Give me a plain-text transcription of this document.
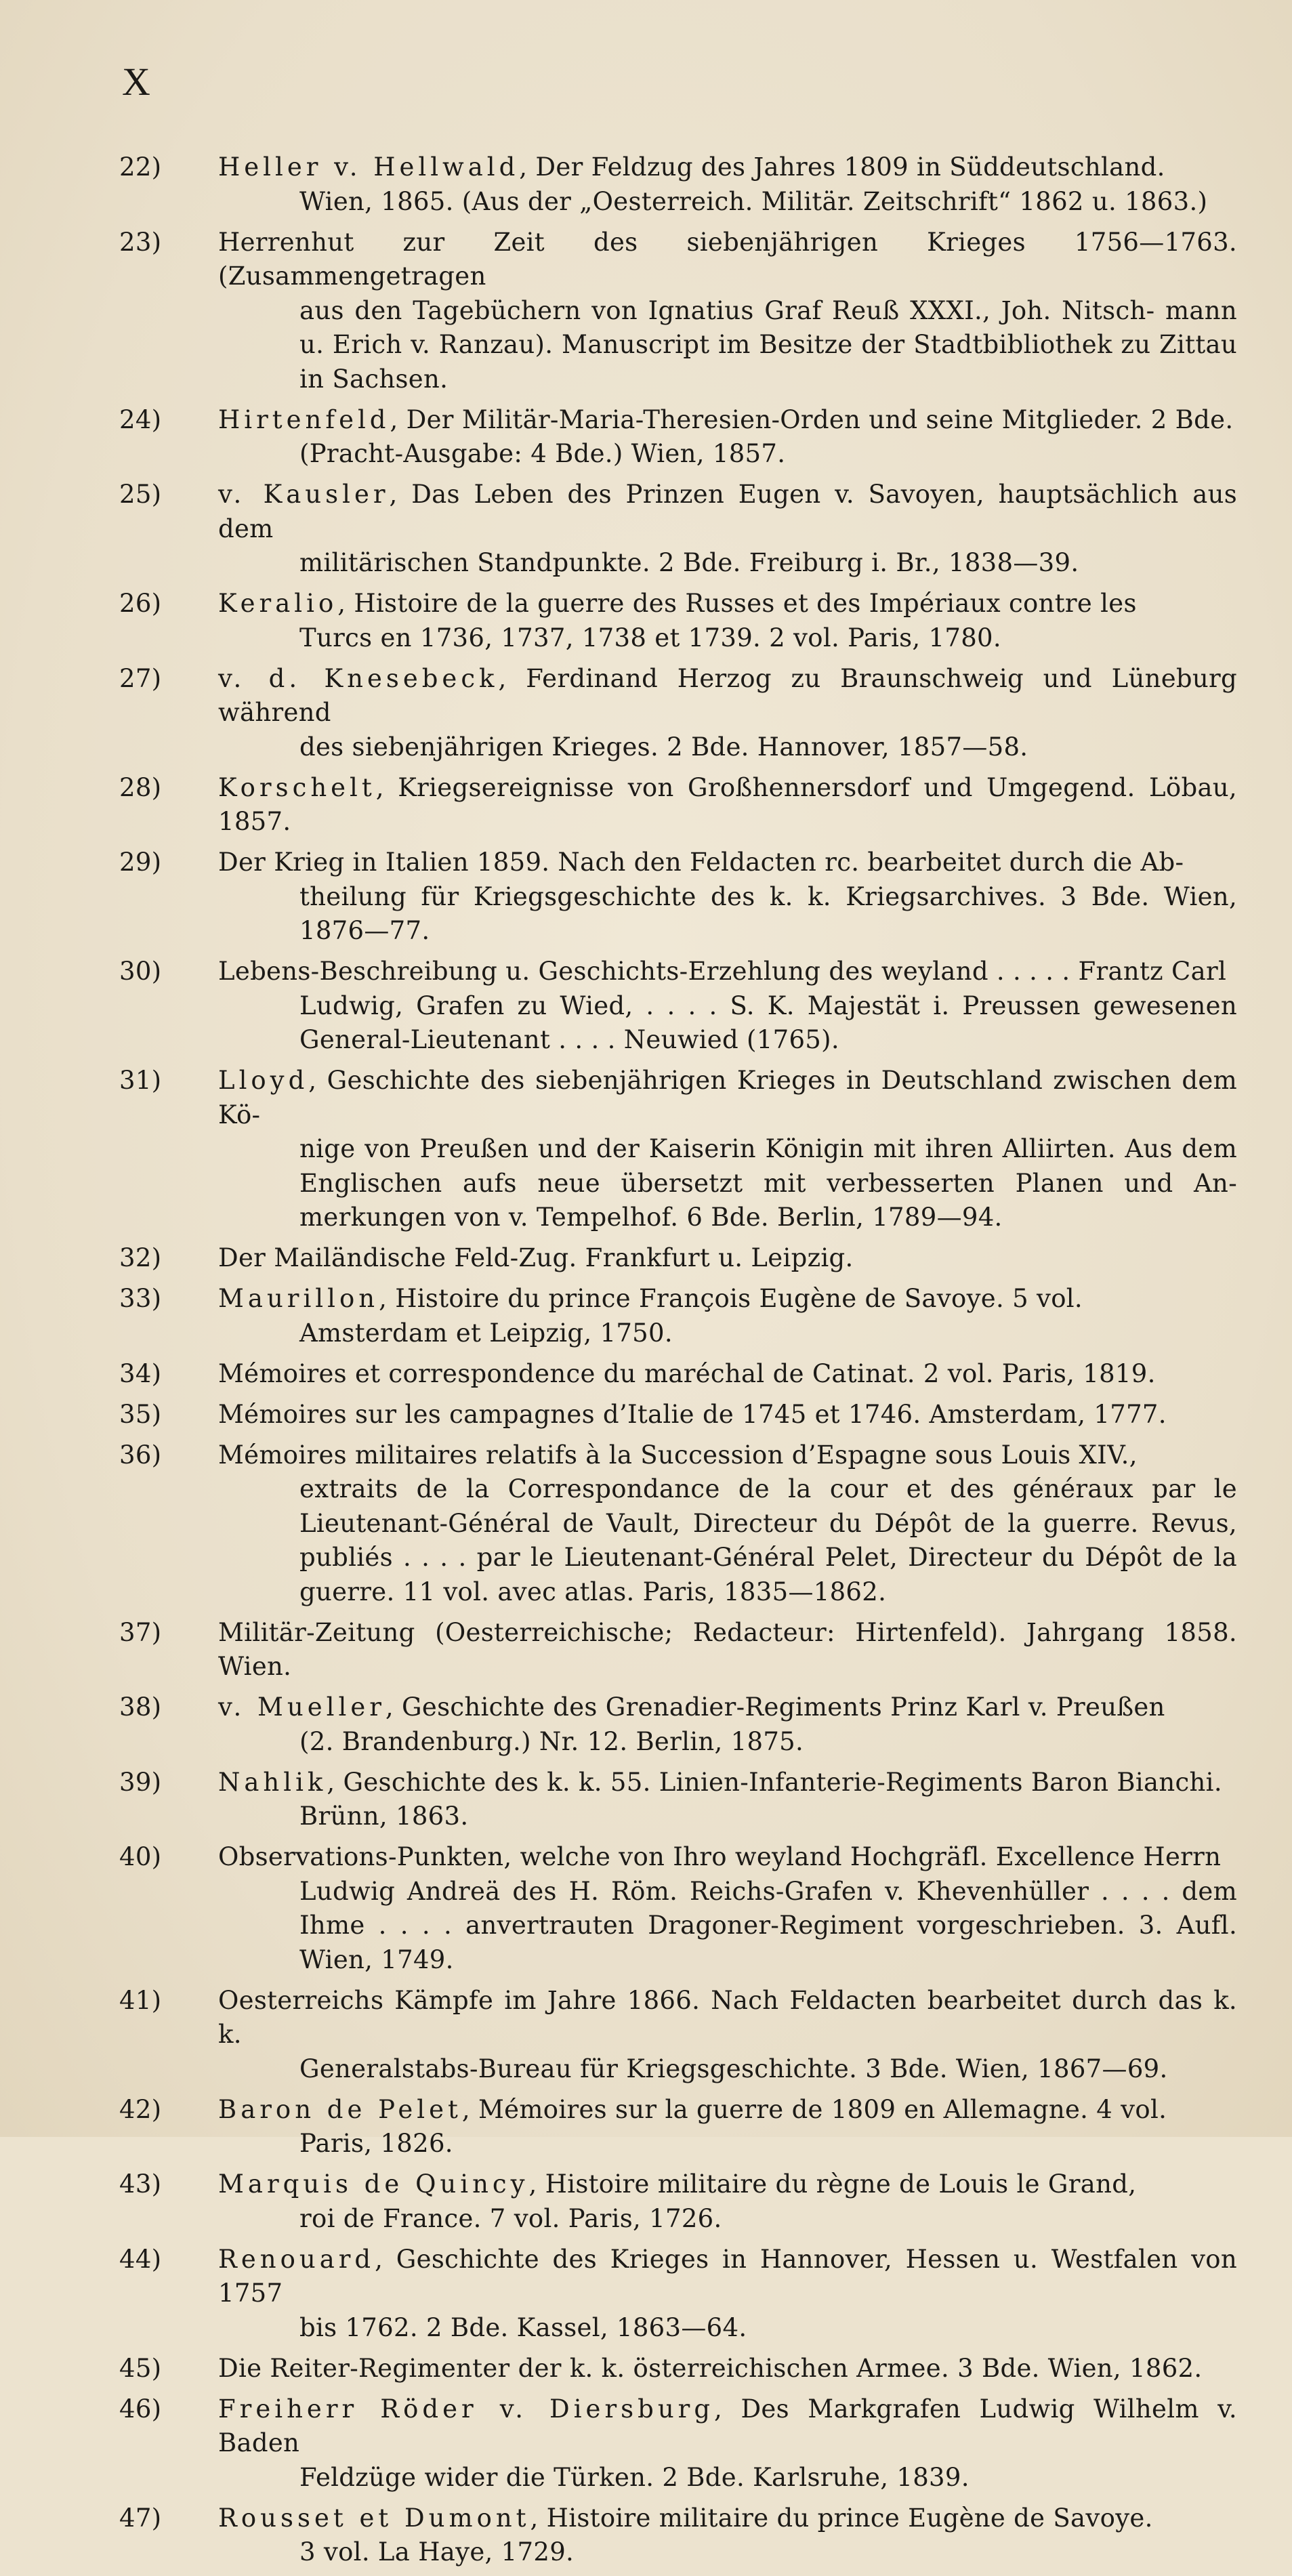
X
22) Heller v. Hellwald, Der Feldzug des Jahres 1809 in Süddeutschland.
Wien, 1865. (Aus der „Oesterreich. Militär. Zeitschrift“ 1862 u. 1863.)
23) Herrenhut zur Zeit des siebenjährigen Krieges 1756—1763. (Zusammengetragen
aus den Tagebüchern von Ignatius Graf Reuß XXXI., Joh. Nitsch- mann u. Erich v. Ranzau). Manuscript im Besitze der Stadtbibliothek zu Zittau in Sachsen.
24) Hirtenfeld, Der Militär-Maria-Theresien-Orden und seine Mitglieder. 2 Bde.
(Pracht-Ausgabe: 4 Bde.) Wien, 1857.
25) v. Kausler, Das Leben des Prinzen Eugen v. Savoyen, hauptsächlich aus dem
militärischen Standpunkte. 2 Bde. Freiburg i. Br., 1838—39.
26) Keralio, Histoire de la guerre des Russes et des Impériaux contre les
Turcs en 1736, 1737, 1738 et 1739. 2 vol. Paris, 1780.
27) v. d. Knesebeck, Ferdinand Herzog zu Braunschweig und Lüneburg während
des siebenjährigen Krieges. 2 Bde. Hannover, 1857—58.
28) Korschelt, Kriegsereignisse von Großhennersdorf und Umgegend. Löbau, 1857.
29) Der Krieg in Italien 1859. Nach den Feldacten rc. bearbeitet durch die Ab-
theilung für Kriegsgeschichte des k. k. Kriegsarchives. 3 Bde. Wien, 1876—77.
30) Lebens-Beschreibung u. Geschichts-Erzehlung des weyland . . . . . Frantz Carl
Ludwig, Grafen zu Wied, . . . . S. K. Majestät i. Preussen gewesenen General-Lieutenant . . . . Neuwied (1765).
31) Lloyd, Geschichte des siebenjährigen Krieges in Deutschland zwischen dem Kö-
nige von Preußen und der Kaiserin Königin mit ihren Alliirten. Aus dem Englischen aufs neue übersetzt mit verbesserten Planen und An- merkungen von v. Tempelhof. 6 Bde. Berlin, 1789—94.
32) Der Mailändische Feld-Zug. Frankfurt u. Leipzig.
33) Maurillon, Histoire du prince François Eugène de Savoye. 5 vol.
Amsterdam et Leipzig, 1750.
34) Mémoires et correspondence du maréchal de Catinat. 2 vol. Paris, 1819.
35) Mémoires sur les campagnes d’Italie de 1745 et 1746. Amsterdam, 1777.
36) Mémoires militaires relatifs à la Succession d’Espagne sous Louis XIV.,
extraits de la Correspondance de la cour et des généraux par le Lieutenant-Général de Vault, Directeur du Dépôt de la guerre. Revus, publiés . . . . par le Lieutenant-Général Pelet, Directeur du Dépôt de la guerre. 11 vol. avec atlas. Paris, 1835—1862.
37) Militär-Zeitung (Oesterreichische; Redacteur: Hirtenfeld). Jahrgang 1858. Wien.
38) v. Mueller, Geschichte des Grenadier-Regiments Prinz Karl v. Preußen
(2. Brandenburg.) Nr. 12. Berlin, 1875.
39) Nahlik, Geschichte des k. k. 55. Linien-Infanterie-Regiments Baron Bianchi.
Brünn, 1863.
40) Observations-Punkten, welche von Ihro weyland Hochgräfl. Excellence Herrn
Ludwig Andreä des H. Röm. Reichs-Grafen v. Khevenhüller . . . . dem Ihme . . . . anvertrauten Dragoner-Regiment vorgeschrieben. 3. Aufl. Wien, 1749.
41) Oesterreichs Kämpfe im Jahre 1866. Nach Feldacten bearbeitet durch das k. k.
Generalstabs-Bureau für Kriegsgeschichte. 3 Bde. Wien, 1867—69.
42) Baron de Pelet, Mémoires sur la guerre de 1809 en Allemagne. 4 vol.
Paris, 1826.
43) Marquis de Quincy, Histoire militaire du règne de Louis le Grand,
roi de France. 7 vol. Paris, 1726.
44) Renouard, Geschichte des Krieges in Hannover, Hessen u. Westfalen von 1757
bis 1762. 2 Bde. Kassel, 1863—64.
45) Die Reiter-Regimenter der k. k. österreichischen Armee. 3 Bde. Wien, 1862.
46) Freiherr Röder v. Diersburg, Des Markgrafen Ludwig Wilhelm v. Baden
Feldzüge wider die Türken. 2 Bde. Karlsruhe, 1839.
47) Rousset et Dumont, Histoire militaire du prince Eugène de Savoye.
3 vol. La Haye, 1729.
